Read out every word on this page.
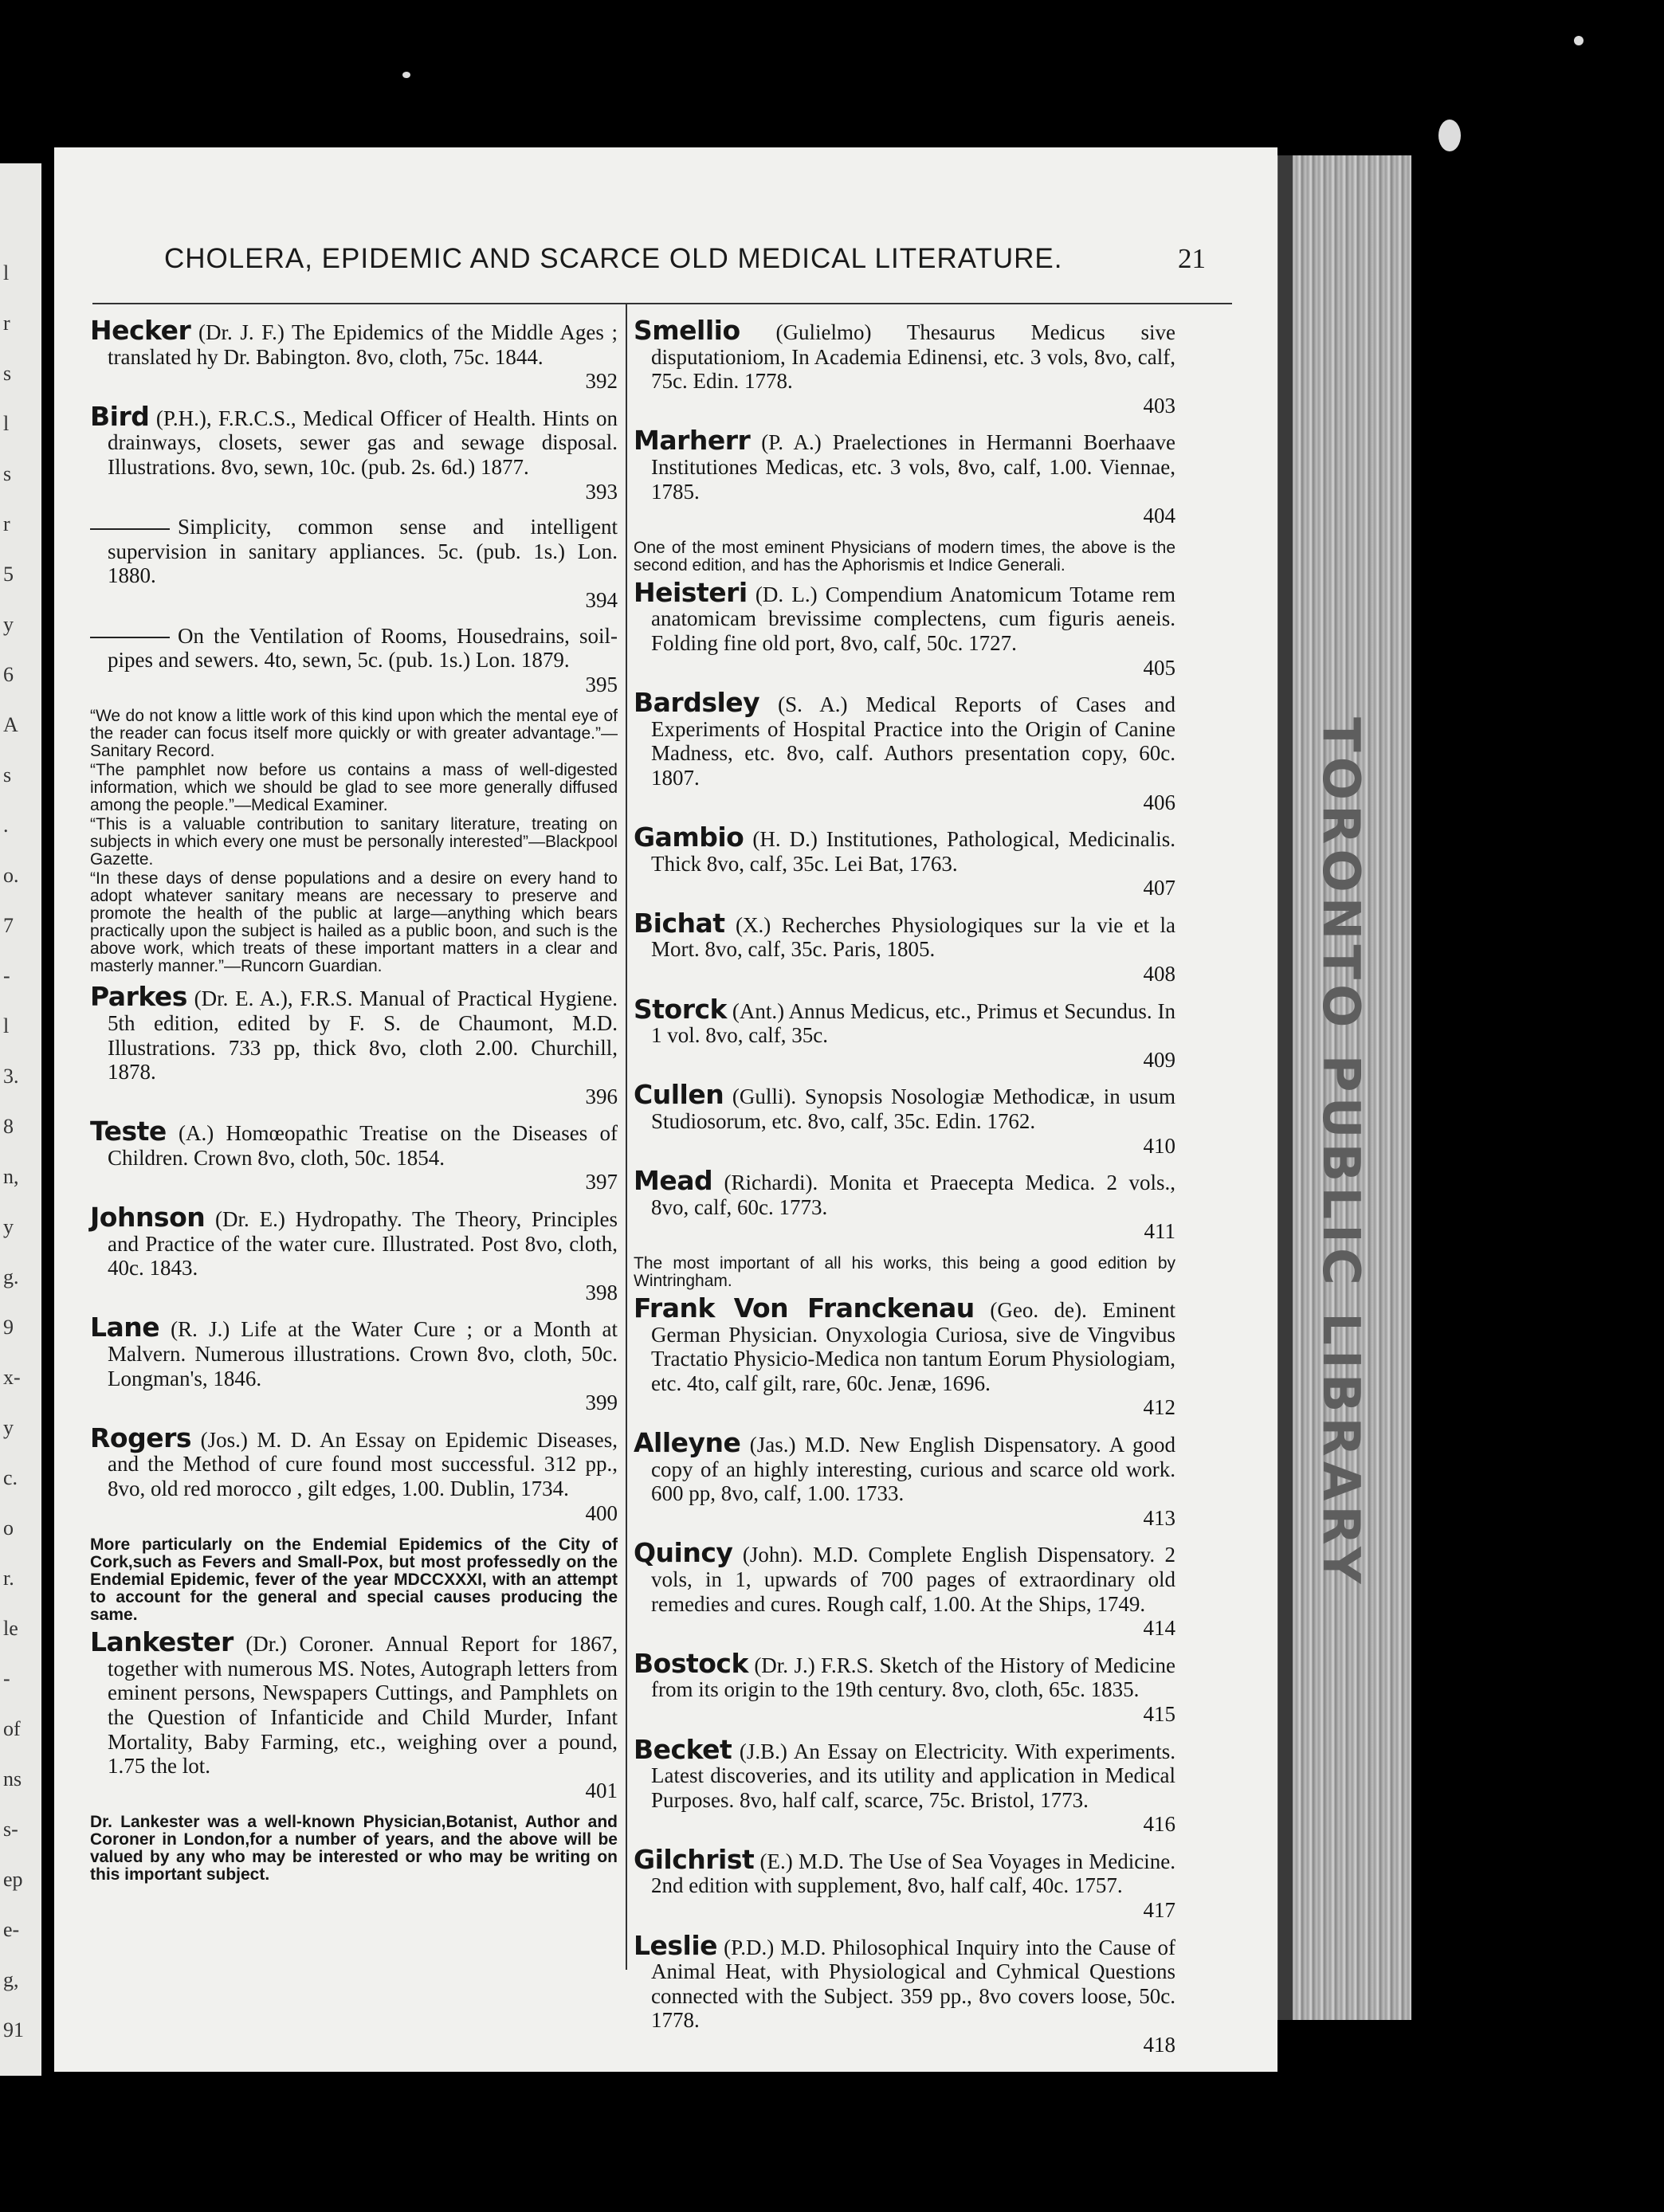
l
r
s
l
s
r
5
y
6
A
s
.
o.
7
-
l
3.
8
n,
y
g.
9
x-
y
c.
o
r.
le
-
of
ns
s-
ep
e-
g,
91
TORONTO PUBLIC LIBRARY
CHOLERA, EPIDEMIC AND SCARCE OLD MEDICAL LITERATURE.	21
Hecker (Dr. J. F.) The Epidemics of the Middle Ages ; translated hy Dr. Babington. 8vo, cloth, 75c. 1844.
392
Bird (P.H.), F.R.C.S., Medical Officer of Health. Hints on drainways, closets, sewer gas and sewage disposal. Illustrations. 8vo, sewn, 10c. (pub. 2s. 6d.) 1877.
393
Simplicity, common sense and intelligent supervision in sanitary appliances. 5c. (pub. 1s.) Lon. 1880.
394
On the Ventilation of Rooms, Housedrains, soil-pipes and sewers. 4to, sewn, 5c. (pub. 1s.) Lon. 1879.
395
“We do not know a little work of this kind upon which the mental eye of the reader can focus itself more quickly or with greater advantage.”—Sanitary Record.
“The pamphlet now before us contains a mass of well-digested information, which we should be glad to see more generally diffused among the people.”—Medical Examiner.
“This is a valuable contribution to sanitary literature, treating on subjects in which every one must be personally interested”—Blackpool Gazette.
“In these days of dense populations and a desire on every hand to adopt whatever sanitary means are necessary to preserve and promote the health of the public at large—anything which bears practically upon the subject is hailed as a public boon, and such is the above work, which treats of these important matters in a clear and masterly manner.”—Runcorn Guardian.
Parkes (Dr. E. A.), F.R.S. Manual of Practical Hygiene. 5th edition, edited by F. S. de Chaumont, M.D. Illustrations. 733 pp, thick 8vo, cloth 2.00. Churchill, 1878.
396
Teste (A.) Homœopathic Treatise on the Diseases of Children. Crown 8vo, cloth, 50c. 1854.
397
Johnson (Dr. E.) Hydropathy. The Theory, Principles and Practice of the water cure. Illustrated. Post 8vo, cloth, 40c. 1843.
398
Lane (R. J.) Life at the Water Cure ; or a Month at Malvern. Numerous illustrations. Crown 8vo, cloth, 50c. Longman's, 1846.
399
Rogers (Jos.) M. D. An Essay on Epidemic Diseases, and the Method of cure found most successful. 312 pp., 8vo, old red morocco , gilt edges, 1.00. Dublin, 1734.
400
More particularly on the Endemial Epidemics of the City of Cork,such as Fevers and Small-Pox, but most professedly on the Endemial Epidemic, fever of the year MDCCXXXI, with an attempt to account for the general and special causes producing the same.
Lankester (Dr.) Coroner. Annual Report for 1867, together with numerous MS. Notes, Autograph letters from eminent persons, Newspapers Cuttings, and Pamphlets on the Question of Infanticide and Child Murder, Infant Mortality, Baby Farming, etc., weighing over a pound, 1.75 the lot.
401
Dr. Lankester was a well-known Physician,Botanist, Author and Coroner in London,for a number of years, and the above will be valued by any who may be interested or who may be writing on this important subject.
Smellio (Gulielmo) Thesaurus Medicus sive disputationiom, In Academia Edinensi, etc. 3 vols, 8vo, calf, 75c. Edin. 1778.
403
Marherr (P. A.) Praelectiones in Hermanni Boerhaave Institutiones Medicas, etc. 3 vols, 8vo, calf, 1.00. Viennae, 1785.
404
One of the most eminent Physicians of modern times, the above is the second edition, and has the Aphorismis et Indice Generali.
Heisteri (D. L.) Compendium Anatomicum Totame rem anatomicam brevissime complectens, cum figuris aeneis. Folding fine old port, 8vo, calf, 50c. 1727.
405
Bardsley (S. A.) Medical Reports of Cases and Experiments of Hospital Practice into the Origin of Canine Madness, etc. 8vo, calf. Authors presentation copy, 60c. 1807.
406
Gambio (H. D.) Institutiones, Pathological, Medicinalis. Thick 8vo, calf, 35c. Lei Bat, 1763.
407
Bichat (X.) Recherches Physiologiques sur la vie et la Mort. 8vo, calf, 35c. Paris, 1805.
408
Storck (Ant.) Annus Medicus, etc., Primus et Secundus. In 1 vol. 8vo, calf, 35c.
409
Cullen (Gulli). Synopsis Nosologiæ Methodicæ, in usum Studiosorum, etc. 8vo, calf, 35c. Edin. 1762.
410
Mead (Richardi). Monita et Praecepta Medica. 2 vols., 8vo, calf, 60c. 1773.
411
The most important of all his works, this being a good edition by Wintringham.
Frank Von Franckenau (Geo. de). Eminent German Physician. Onyxologia Curiosa, sive de Vingvibus Tractatio Physicio-Medica non tantum Eorum Physiologiam, etc. 4to, calf gilt, rare, 60c. Jenæ, 1696.
412
Alleyne (Jas.) M.D. New English Dispensatory. A good copy of an highly interesting, curious and scarce old work. 600 pp, 8vo, calf, 1.00. 1733.
413
Quincy (John). M.D. Complete English Dispensatory. 2 vols, in 1, upwards of 700 pages of extraordinary old remedies and cures. Rough calf, 1.00. At the Ships, 1749.
414
Bostock (Dr. J.) F.R.S. Sketch of the History of Medicine from its origin to the 19th century. 8vo, cloth, 65c. 1835.
415
Becket (J.B.) An Essay on Electricity. With experiments. Latest discoveries, and its utility and application in Medical Purposes. 8vo, half calf, scarce, 75c. Bristol, 1773.
416
Gilchrist (E.) M.D. The Use of Sea Voyages in Medicine. 2nd edition with supplement, 8vo, half calf, 40c. 1757.
417
Leslie (P.D.) M.D. Philosophical Inquiry into the Cause of Animal Heat, with Physiological and Cyhmical Questions connected with the Subject. 359 pp., 8vo covers loose, 50c. 1778.
418
